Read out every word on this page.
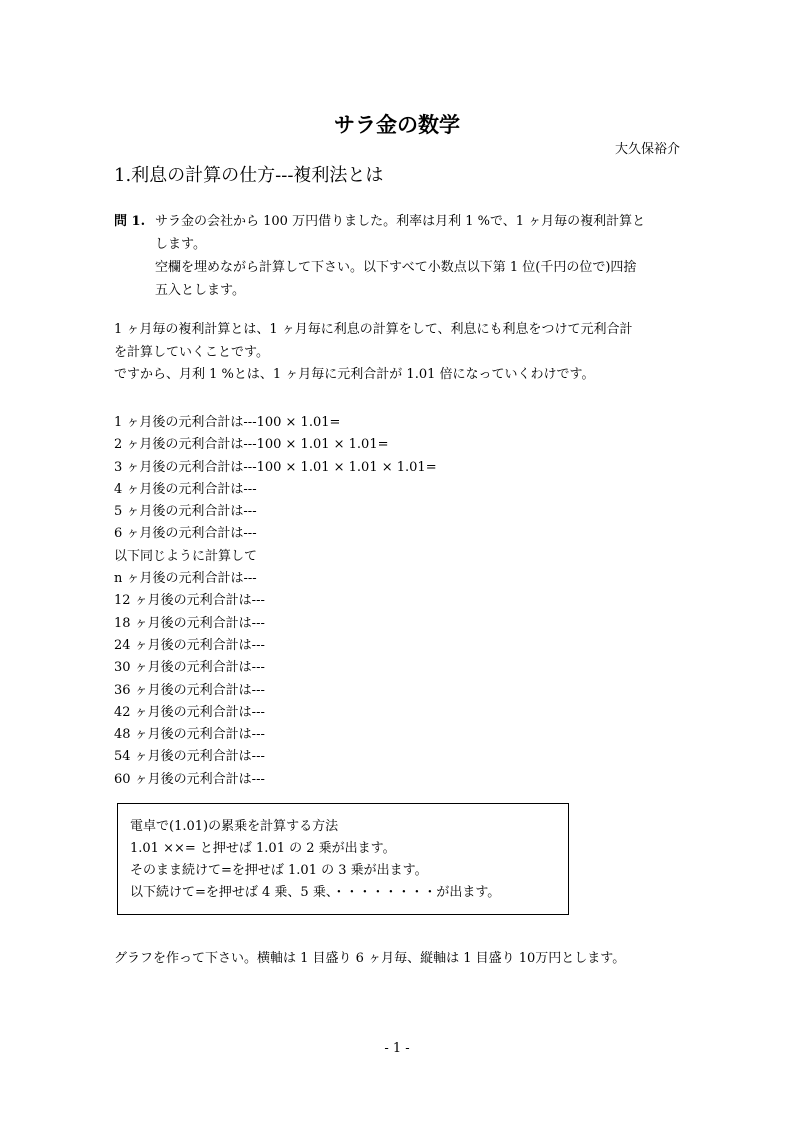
サラ金の数学
大久保裕介
1.利息の計算の仕方---複利法とは
問 1. サラ金の会社から 100 万円借りました。利率は月利 1 %で、1 ヶ月毎の複利計算と
します。
空欄を埋めながら計算して下さい。以下すべて小数点以下第 1 位(千円の位で)四捨
五入とします。
1 ヶ月毎の複利計算とは、1 ヶ月毎に利息の計算をして、利息にも利息をつけて元利合計
を計算していくことです。
ですから、月利 1 %とは、1 ヶ月毎に元利合計が 1.01 倍になっていくわけです。
1 ヶ月後の元利合計は---100 × 1.01=
2 ヶ月後の元利合計は---100 × 1.01 × 1.01=
3 ヶ月後の元利合計は---100 × 1.01 × 1.01 × 1.01=
4 ヶ月後の元利合計は---
5 ヶ月後の元利合計は---
6 ヶ月後の元利合計は---
以下同じように計算して
n ヶ月後の元利合計は---
12 ヶ月後の元利合計は---
18 ヶ月後の元利合計は---
24 ヶ月後の元利合計は---
30 ヶ月後の元利合計は---
36 ヶ月後の元利合計は---
42 ヶ月後の元利合計は---
48 ヶ月後の元利合計は---
54 ヶ月後の元利合計は---
60 ヶ月後の元利合計は---
電卓で(1.01)の累乗を計算する方法
1.01 ××= と押せば 1.01 の 2 乗が出ます。
そのまま続けて=を押せば 1.01 の 3 乗が出ます。
以下続けて=を押せば 4 乗、5 乗、・・・・・・・・が出ます。
グラフを作って下さい。横軸は 1 目盛り 6 ヶ月毎、縦軸は 1 目盛り 10万円とします。
- 1 -
